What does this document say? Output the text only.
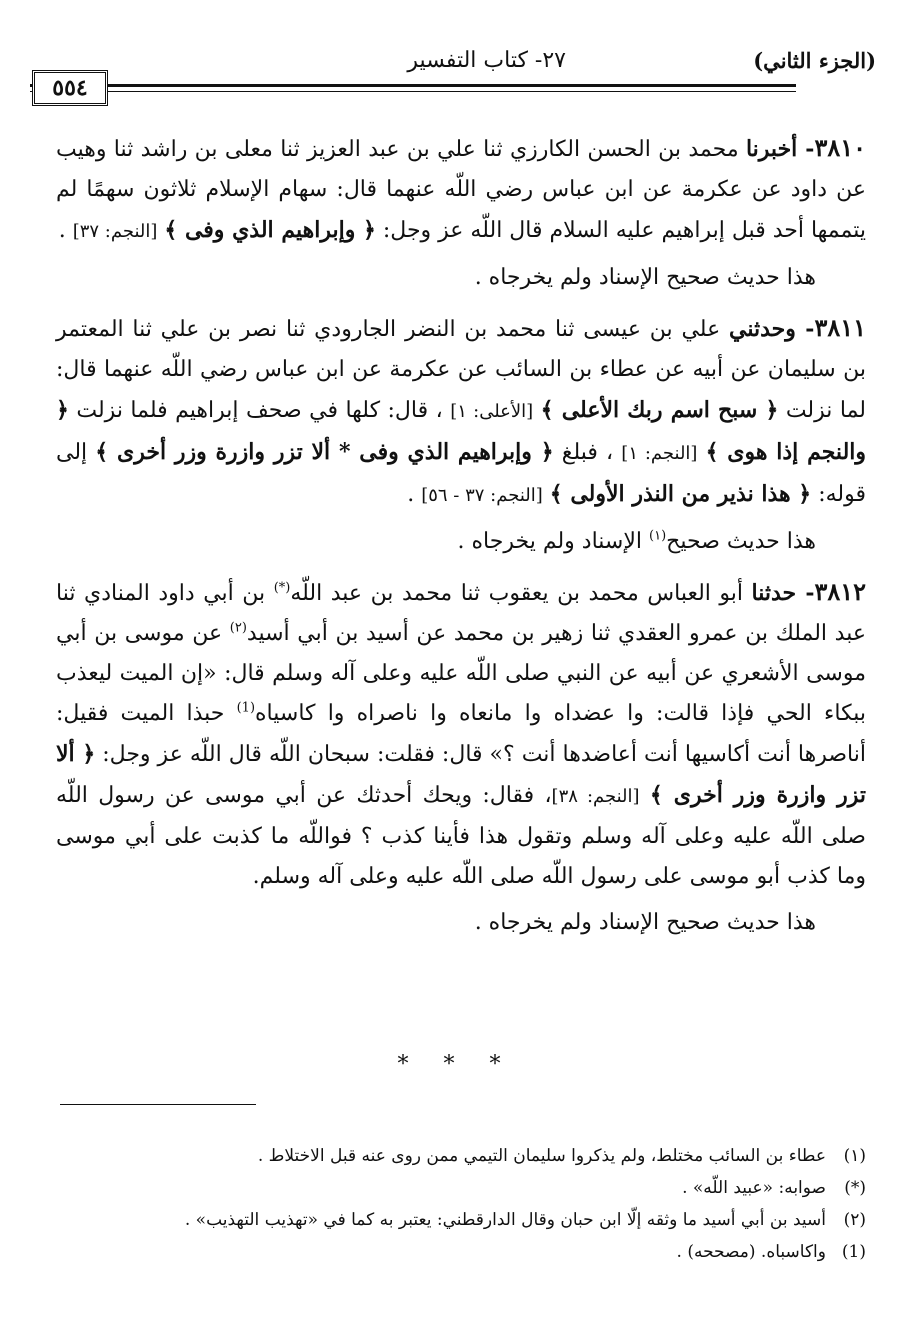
(الجزء الثاني)
٢٧- كتاب التفسير
٥٥٤

٣٨١٠- أخبرنا محمد بن الحسن الكارزي ثنا علي بن عبد العزيز ثنا معلى بن راشد ثنا وهيب عن داود عن عكرمة عن ابن عباس رضي اللّه عنهما قال: سهام الإسلام ثلاثون سهمًا لم يتممها أحد قبل إبراهيم عليه السلام قال اللّه عز وجل: ﴿ وإبراهيم الذي وفى ﴾ [النجم: ٣٧] .

هذا حديث صحيح الإسناد ولم يخرجاه .

٣٨١١- وحدثني علي بن عيسى ثنا محمد بن النضر الجارودي ثنا نصر بن علي ثنا المعتمر بن سليمان عن أبيه عن عطاء بن السائب عن عكرمة عن ابن عباس رضي اللّه عنهما قال: لما نزلت ﴿ سبح اسم ربك الأعلى ﴾ [الأعلى: ١] ، قال: كلها في صحف إبراهيم فلما نزلت ﴿ والنجم إذا هوى ﴾ [النجم: ١] ، فبلغ ﴿ وإبراهيم الذي وفى * ألا تزر وازرة وزر أخرى ﴾ إلى قوله: ﴿ هذا نذير من النذر الأولى ﴾ [النجم: ٣٧ - ٥٦] .

هذا حديث صحيح$^{(١)}$ الإسناد ولم يخرجاه .

٣٨١٢- حدثنا أبو العباس محمد بن يعقوب ثنا محمد بن عبد اللّه(*) بن أبي داود المنادي ثنا عبد الملك بن عمرو العقدي ثنا زهير بن محمد عن أسيد بن أبي أسيد$^{(٢)}$ عن موسى بن أبي موسى الأشعري عن أبيه عن النبي صلى اللّه عليه وعلى آله وسلم قال: «إن الميت ليعذب ببكاء الحي فإذا قالت: وا عضداه وا مانعاه وا ناصراه وا كاسياه$^{(1)}$ حبذا الميت فقيل: أناصرها أنت أكاسيها أنت أعاضدها أنت ؟» قال: فقلت: سبحان اللّه قال اللّه عز وجل: ﴿ ألا تزر وازرة وزر أخرى ﴾ [النجم: ٣٨]، فقال: ويحك أحدثك عن أبي موسى عن رسول اللّه صلى اللّه عليه وعلى آله وسلم وتقول هذا فأينا كذب ؟ فواللّه ما كذبت على أبي موسى وما كذب أبو موسى على رسول اللّه صلى اللّه عليه وعلى آله وسلم.

هذا حديث صحيح الإسناد ولم يخرجاه .

* * *

(١)عطاء بن السائب مختلط، ولم يذكروا سليمان التيمي ممن روى عنه قبل الاختلاط .

(*)صوابه: «عبيد اللّه» .

(٢)أسيد بن أبي أسيد ما وثقه إلّا ابن حبان وقال الدارقطني: يعتبر به كما في «تهذيب التهذيب» .

(1)واكاسباه. (مصححه) .
